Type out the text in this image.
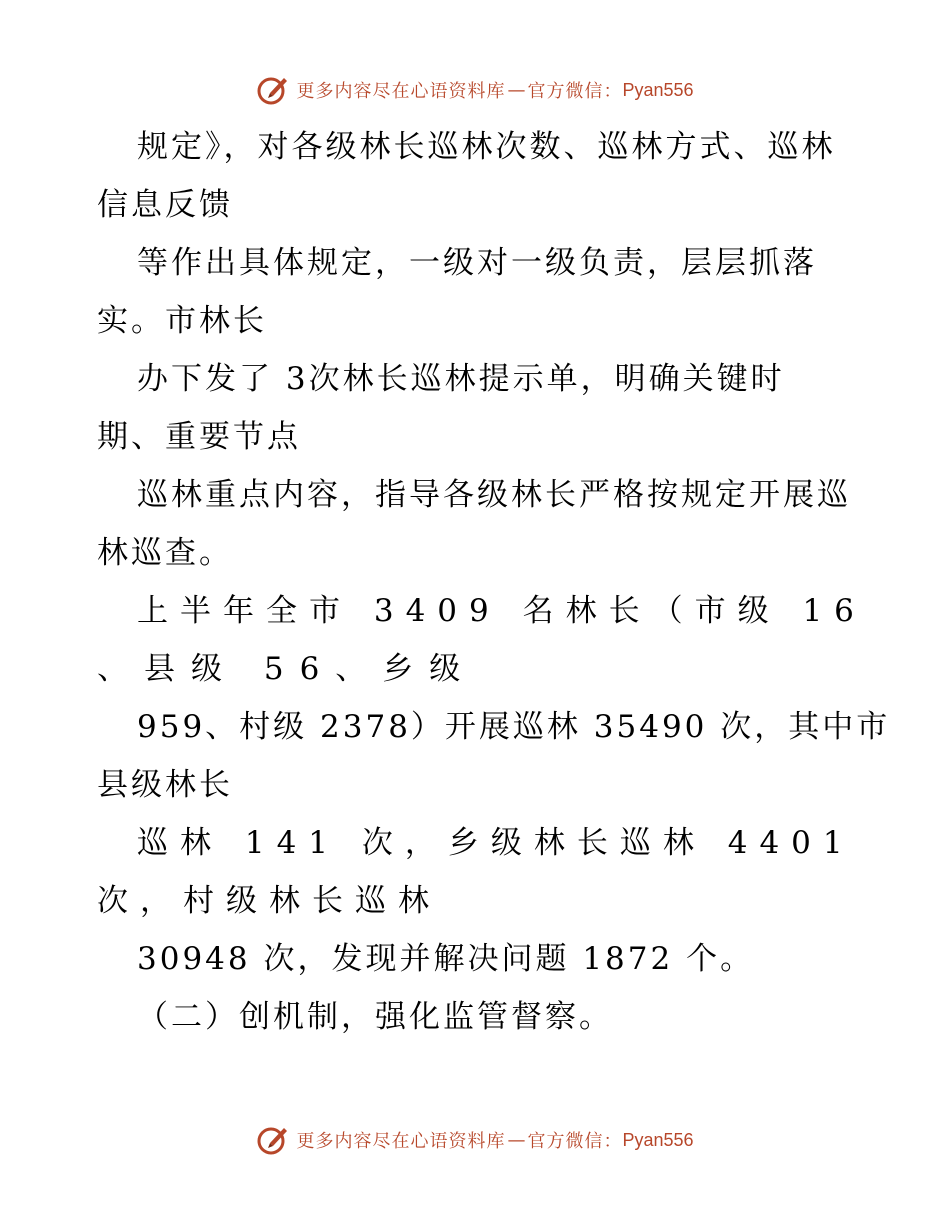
更多内容尽在心语资料库 — 官方微信： Pyan556
规定》，对各级林长巡林次数、巡林方式、巡林
信息反馈
等作出具体规定，一级对一级负责，层层抓落
实。市林长
办下发了 3次林长巡林提示单，明确关键时
期、重要节点
巡林重点内容，指导各级林长严格按规定开展巡
林巡查。
上半年全市 3409 名林长（市级 16
、县级 56、乡级
959、村级 2378）开展巡林 35490 次，其中市
县级林长
巡林 141 次，乡级林长巡林 4401
次，村级林长巡林
30948 次，发现并解决问题 1872 个。
（二）创机制，强化监管督察。
更多内容尽在心语资料库 — 官方微信： Pyan556
